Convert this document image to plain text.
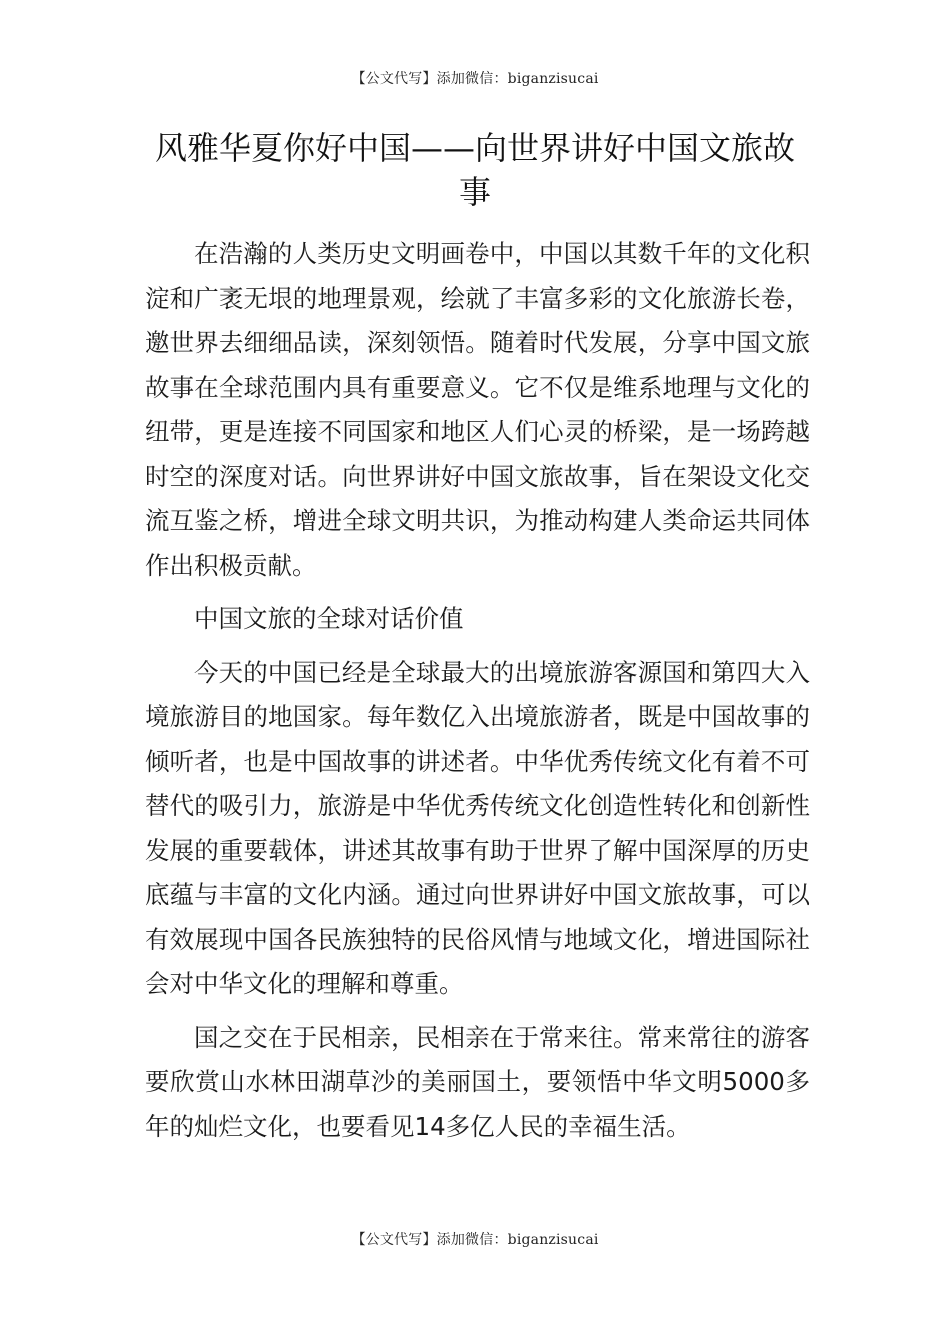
【公文代写】添加微信：biganzisucai
风雅华夏你好中国——向世界讲好中国文旅故事

在浩瀚的人类历史文明画卷中，中国以其数千年的文化积淀和广袤无垠的地理景观，绘就了丰富多彩的文化旅游长卷，邀世界去细细品读，深刻领悟。随着时代发展，分享中国文旅故事在全球范围内具有重要意义。它不仅是维系地理与文化的纽带，更是连接不同国家和地区人们心灵的桥梁，是一场跨越时空的深度对话。向世界讲好中国文旅故事，旨在架设文化交流互鉴之桥，增进全球文明共识，为推动构建人类命运共同体作出积极贡献。

中国文旅的全球对话价值

今天的中国已经是全球最大的出境旅游客源国和第四大入境旅游目的地国家。每年数亿入出境旅游者，既是中国故事的倾听者，也是中国故事的讲述者。中华优秀传统文化有着不可替代的吸引力，旅游是中华优秀传统文化创造性转化和创新性发展的重要载体，讲述其故事有助于世界了解中国深厚的历史底蕴与丰富的文化内涵。通过向世界讲好中国文旅故事，可以有效展现中国各民族独特的民俗风情与地域文化，增进国际社会对中华文化的理解和尊重。

国之交在于民相亲，民相亲在于常来往。常来常往的游客要欣赏山水林田湖草沙的美丽国土，要领悟中华文明5000多年的灿烂文化，也要看见14多亿人民的幸福生活。

【公文代写】添加微信：biganzisucai
